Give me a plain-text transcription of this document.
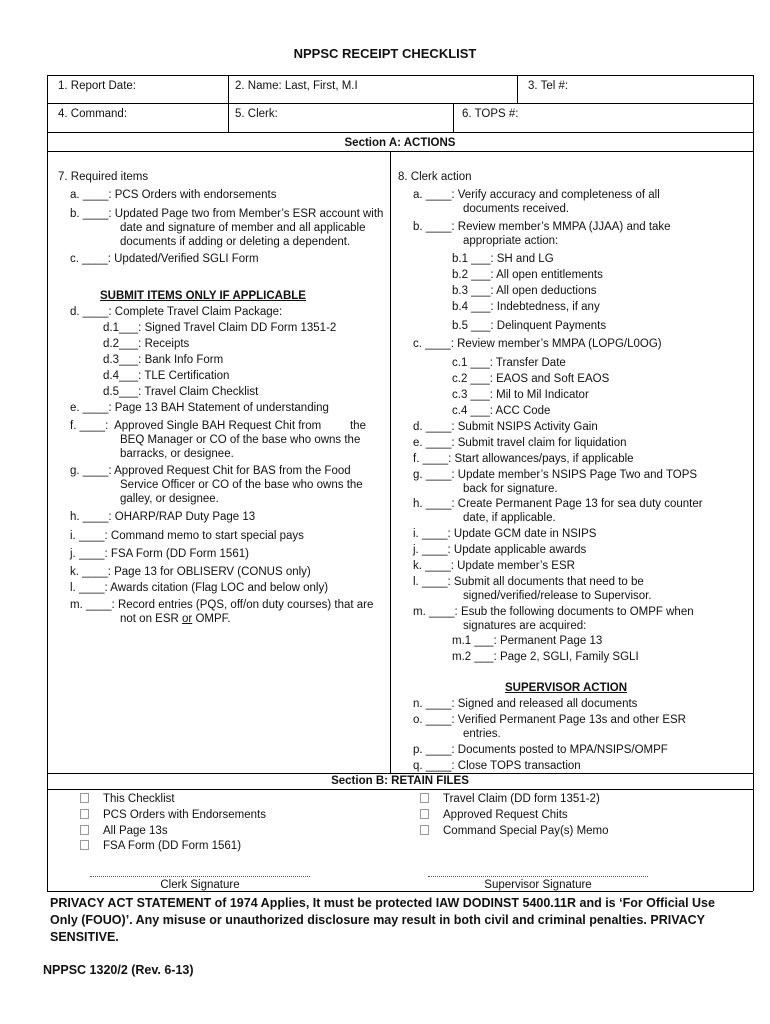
NPPSC RECEIPT CHECKLIST
1. Report Date:	2. Name: Last, First, M.I	3. Tel #:
4. Command:	5. Clerk:	6. TOPS #:
Section A: ACTIONS
7. Required items
a. ____: PCS Orders with endorsements
b. ____: Updated Page two from Member’s ESR account with
date and signature of member and all applicable
documents if adding or deleting a dependent.
c. ____: Updated/Verified SGLI Form
SUBMIT ITEMS ONLY IF APPLICABLE
d. ____: Complete Travel Claim Package:
d.1___: Signed Travel Claim DD Form 1351-2
d.2___: Receipts
d.3___: Bank Info Form
d.4___: TLE Certification
d.5___: Travel Claim Checklist
e. ____: Page 13 BAH Statement of understanding
f. ____:  Approved Single BAH Request Chit from         the
BEQ Manager or CO of the base who owns the
barracks, or designee.
g. ____: Approved Request Chit for BAS from the Food
Service Officer or CO of the base who owns the
galley, or designee.
h. ____: OHARP/RAP Duty Page 13
i. ____: Command memo to start special pays
j. ____: FSA Form (DD Form 1561)
k. ____: Page 13 for OBLISERV (CONUS only)
l. ____: Awards citation (Flag LOC and below only)
m. ____: Record entries (PQS, off/on duty courses) that are
not on ESR or OMPF.
8. Clerk action
a. ____: Verify accuracy and completeness of all
documents received.
b. ____: Review member’s MMPA (JJAA) and take
appropriate action:
b.1 ___: SH and LG
b.2 ___: All open entitlements
b.3 ___: All open deductions
b.4 ___: Indebtedness, if any
b.5 ___: Delinquent Payments
c. ____: Review member’s MMPA (LOPG/L0OG)
c.1 ___: Transfer Date
c.2 ___: EAOS and Soft EAOS
c.3 ___: Mil to Mil Indicator
c.4 ___: ACC Code
d. ____: Submit NSIPS Activity Gain
e. ____: Submit travel claim for liquidation
f. ____: Start allowances/pays, if applicable
g. ____: Update member’s NSIPS Page Two and TOPS
back for signature.
h. ____: Create Permanent Page 13 for sea duty counter
date, if applicable.
i. ____: Update GCM date in NSIPS
j. ____: Update applicable awards
k. ____: Update member’s ESR
l. ____: Submit all documents that need to be
signed/verified/release to Supervisor.
m. ____: Esub the following documents to OMPF when
signatures are acquired:
m.1 ___: Permanent Page 13
m.2 ___: Page 2, SGLI, Family SGLI
SUPERVISOR ACTION
n. ____: Signed and released all documents
o. ____: Verified Permanent Page 13s and other ESR
entries.
p. ____: Documents posted to MPA/NSIPS/OMPF
q. ____: Close TOPS transaction
Section B: RETAIN FILES
This Checklist
PCS Orders with Endorsements
All Page 13s
FSA Form (DD Form 1561)
Travel Claim (DD form 1351-2)
Approved Request Chits
Command Special Pay(s) Memo
Clerk Signature	Supervisor Signature
PRIVACY ACT STATEMENT of 1974 Applies, It must be protected IAW DODINST 5400.11R and is ‘For Official Use Only (FOUO)’. Any misuse or unauthorized disclosure may result in both civil and criminal penalties. PRIVACY SENSITIVE.
NPPSC 1320/2 (Rev. 6-13)
